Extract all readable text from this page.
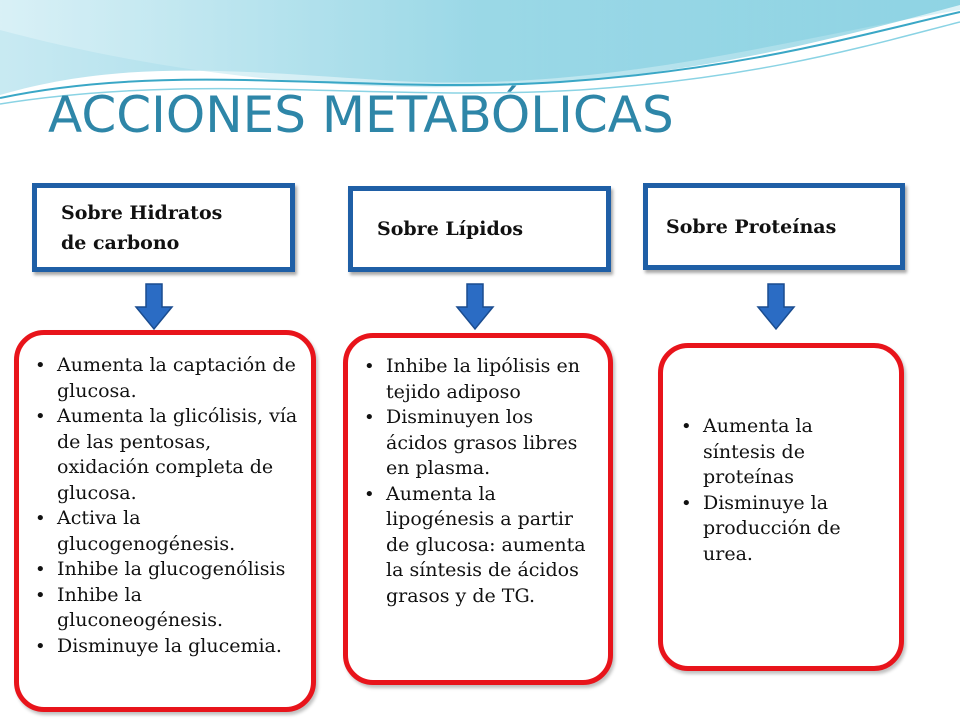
ACCIONES METABÓLICAS
Sobre Hidratos de carbono
Sobre Lípidos	Sobre Proteínas
• Aumenta la captación de glucosa.
• Aumenta la glicólisis, vía de las pentosas, oxidación completa de glucosa.
• Activa la glucogenogénesis.
• Inhibe la glucogenólisis
• Inhibe la gluconeogénesis.
• Disminuye la glucemia.
• Inhibe la lipólisis en tejido adiposo
• Disminuyen los ácidos grasos libres en plasma.
• Aumenta la lipogénesis a partir de glucosa: aumenta la síntesis de ácidos grasos y de TG.
• Aumenta la síntesis de proteínas
• Disminuye la producción de urea.
